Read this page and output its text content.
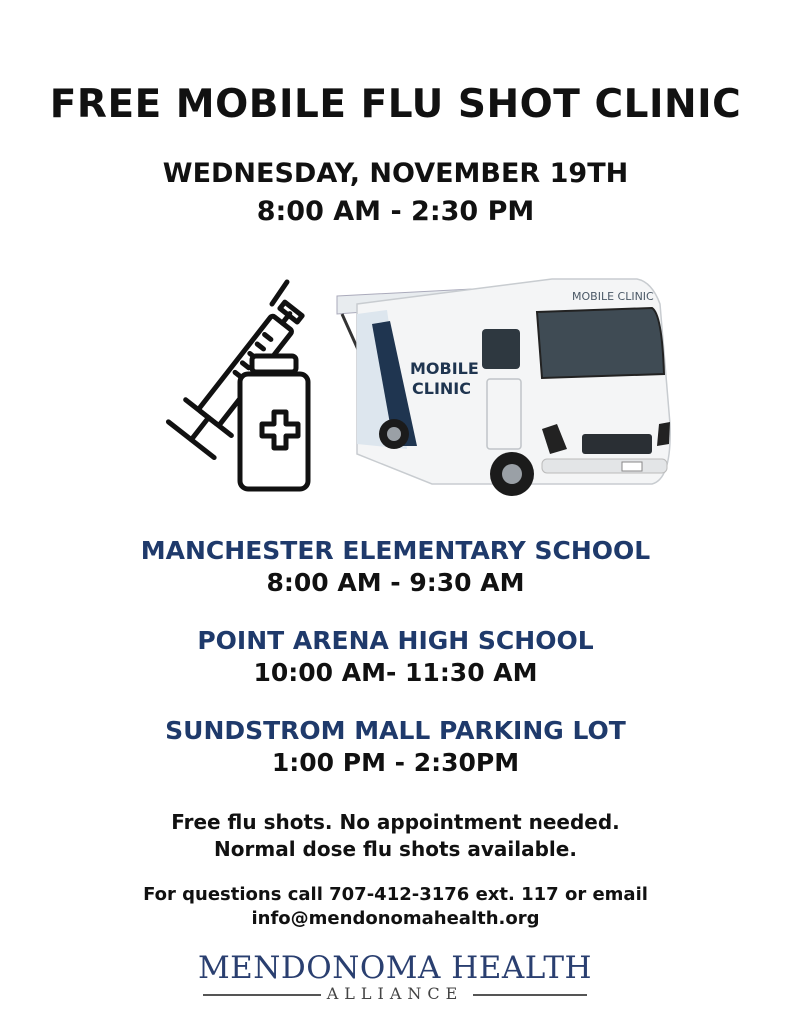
FREE MOBILE FLU SHOT CLINIC
WEDNESDAY, NOVEMBER 19TH
8:00 AM - 2:30 PM
MOBILE CLINIC
MOBILE
CLINIC
MANCHESTER ELEMENTARY SCHOOL
8:00 AM - 9:30 AM
POINT ARENA HIGH SCHOOL
10:00 AM- 11:30 AM
SUNDSTROM MALL PARKING LOT
1:00 PM - 2:30PM
Free flu shots. No appointment needed.
Normal dose flu shots available.
For questions call 707-412-3176 ext. 117 or email
info@mendonomahealth.org
MENDONOMA HEALTH
ALLIANCE
